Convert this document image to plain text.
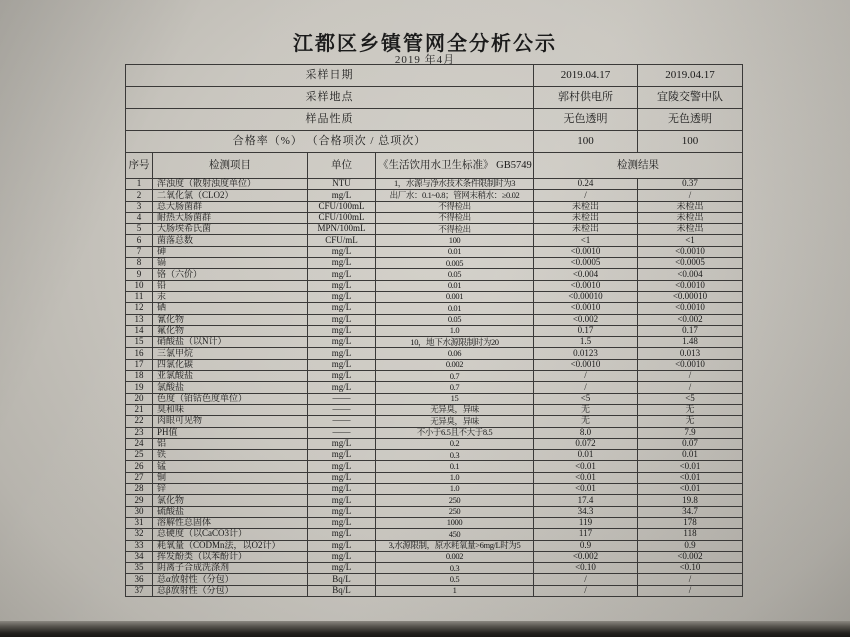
江都区乡镇管网全分析公示
2019 年4月
采样日期				2019.04.17	2019.04.17
采样地点				郭村供电所	宜陵交警中队
样品性质				无色透明	无色透明
合格率（%） （合格项次 / 总项次）				100	100
序号	检测项目	单位	《生活饮用水卫生标准》 GB5749	检测结果	
1	浑浊度（散射浊度单位）	NTU	1，水源与净水技术条件限制时为3	0.24	0.37
2	二氧化氯（CLO2）	mg/L	出厂水：0.1~0.8；管网末稍水：≥0.02	/	/
3	总大肠菌群	CFU/100mL	不得检出	未检出	未检出
4	耐热大肠菌群	CFU/100mL	不得检出	未检出	未检出
5	大肠埃希氏菌	MPN/100mL	不得检出	未检出	未检出
6	菌落总数	CFU/mL	100	<1	<1
7	砷	mg/L	0.01	<0.0010	<0.0010
8	镉	mg/L	0.005	<0.0005	<0.0005
9	铬（六价）	mg/L	0.05	<0.004	<0.004
10	铅	mg/L	0.01	<0.0010	<0.0010
11	汞	mg/L	0.001	<0.00010	<0.00010
12	硒	mg/L	0.01	<0.0010	<0.0010
13	氰化物	mg/L	0.05	<0.002	<0.002
14	氟化物	mg/L	1.0	0.17	0.17
15	硝酸盐（以N计）	mg/L	10，地下水源限制时为20	1.5	1.48
16	三氯甲烷	mg/L	0.06	0.0123	0.013
17	四氯化碳	mg/L	0.002	<0.0010	<0.0010
18	亚氯酸盐	mg/L	0.7	/	/
19	氯酸盐	mg/L	0.7	/	/
20	色度（铂钴色度单位）	——	15	<5	<5
21	臭和味	——	无异臭，异味	无	无
22	肉眼可见物	——	无异臭，异味	无	无
23	PH值	——	不小于6.5且不大于8.5	8.0	7.9
24	铝	mg/L	0.2	0.072	0.07
25	铁	mg/L	0.3	0.01	0.01
26	锰	mg/L	0.1	<0.01	<0.01
27	铜	mg/L	1.0	<0.01	<0.01
28	锌	mg/L	1.0	<0.01	<0.01
29	氯化物	mg/L	250	17.4	19.8
30	硫酸盐	mg/L	250	34.3	34.7
31	溶解性总固体	mg/L	1000	119	178
32	总硬度（以CaCO3计）	mg/L	450	117	118
33	耗氧量（CODMn法，以O2计）	mg/L	3,水源限制，原水耗氧量>6mg/L时为5	0.9	0.9
34	挥发酚类（以苯酚计）	mg/L	0.002	<0.002	<0.002
35	阴离子合成洗涤剂	mg/L	0.3	<0.10	<0.10
36	总α放射性（分包）	Bq/L	0.5	/	/
37	总β放射性（分包）	Bq/L	1	/	/
